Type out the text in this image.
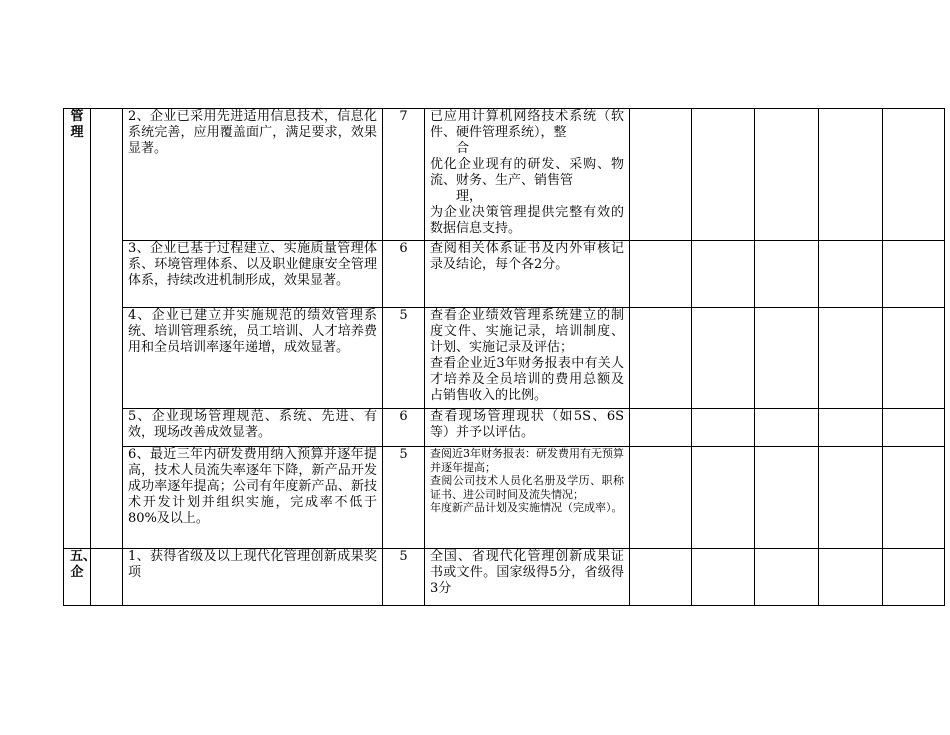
管理		2、企业已采用先进适用信息技术，信息化系统完善，应用覆盖面广，满足要求，效果显著。	7	已应用计算机网络技术系统（软件、硬件管理系统），整
合
优化企业现有的研发、采购、物流、财务、生产、销售管
理，
为企业决策管理提供完整有效的数据信息支持。					

		3、企业已基于过程建立、实施质量管理体系、环境管理体系、以及职业健康安全管理体系，持续改进机制形成，效果显著。	6	查阅相关体系证书及内外审核记录及结论，每个各2分。					

		4、企业已建立并实施规范的绩效管理系统、培训管理系统，员工培训、人才培养费用和全员培训率逐年递增，成效显著。	5	查看企业绩效管理系统建立的制度文件、实施记录，培训制度、计划、实施记录及评估；
查看企业近3年财务报表中有关人才培养及全员培训的费用总额及占销售收入的比例。					

		5、企业现场管理规范、系统、先进、有效，现场改善成效显著。	6	查看现场管理现状（如5S、6S等）并予以评估。					

		6、最近三年内研发费用纳入预算并逐年提高，技术人员流失率逐年下降，新产品开发成功率逐年提高；公司有年度新产品、新技术开发计划并组织实施，完成率不低于80%及以上。	5	查阅近3年财务报表：研发费用有无预算并逐年提高；
查阅公司技术人员化名册及学历、职称证书、进公司时间及流失情况；
年度新产品计划及实施情况（完成率）。					

五、企		1、获得省级及以上现代化管理创新成果奖项	5	全国、省现代化管理创新成果证书或文件。国家级得5分，省级得3分					
